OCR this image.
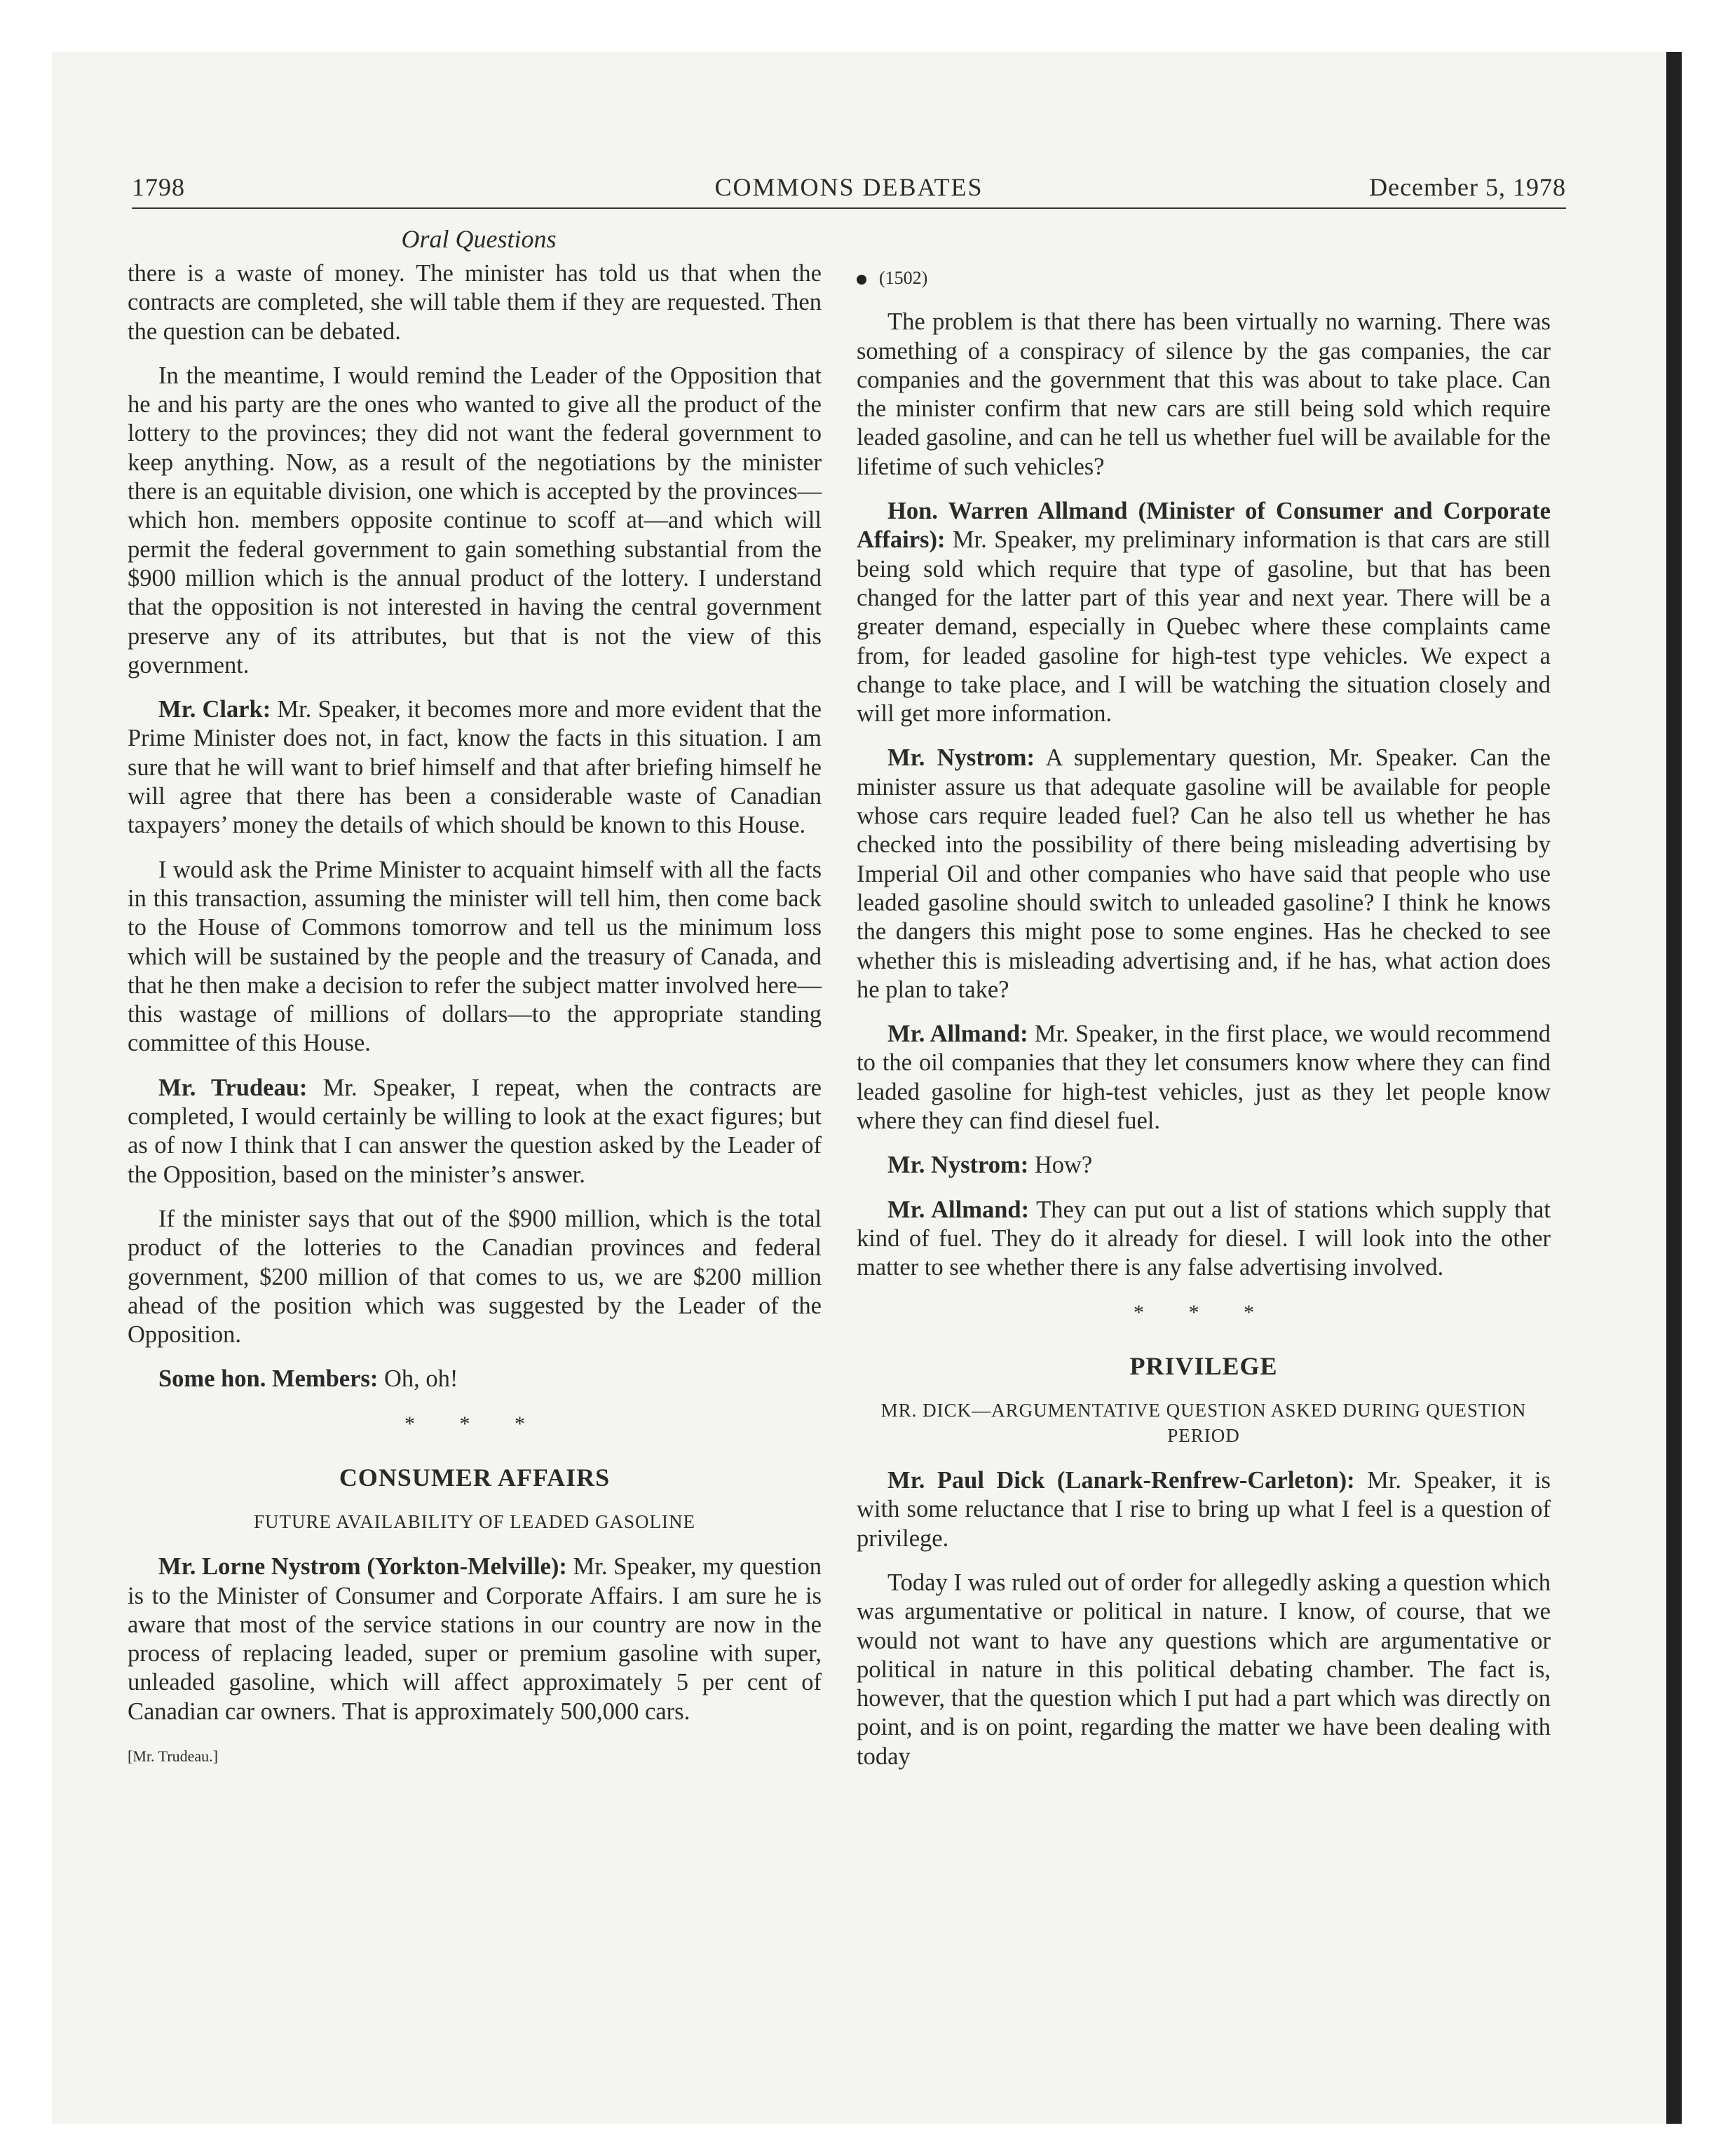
1798	COMMONS DEBATES	December 5, 1978
Oral Questions

there is a waste of money. The minister has told us that when the contracts are completed, she will table them if they are requested. Then the question can be debated.

In the meantime, I would remind the Leader of the Opposition that he and his party are the ones who wanted to give all the product of the lottery to the provinces; they did not want the federal government to keep anything. Now, as a result of the negotiations by the minister there is an equitable division, one which is accepted by the provinces—which hon. members opposite continue to scoff at—and which will permit the federal government to gain something substantial from the $900 million which is the annual product of the lottery. I understand that the opposition is not interested in having the central government preserve any of its attributes, but that is not the view of this government.

Mr. Clark: Mr. Speaker, it becomes more and more evident that the Prime Minister does not, in fact, know the facts in this situation. I am sure that he will want to brief himself and that after briefing himself he will agree that there has been a considerable waste of Canadian taxpayers’ money the details of which should be known to this House.

I would ask the Prime Minister to acquaint himself with all the facts in this transaction, assuming the minister will tell him, then come back to the House of Commons tomorrow and tell us the minimum loss which will be sustained by the people and the treasury of Canada, and that he then make a decision to refer the subject matter involved here—this wastage of millions of dollars—to the appropriate standing committee of this House.

Mr. Trudeau: Mr. Speaker, I repeat, when the contracts are completed, I would certainly be willing to look at the exact figures; but as of now I think that I can answer the question asked by the Leader of the Opposition, based on the minister’s answer.

If the minister says that out of the $900 million, which is the total product of the lotteries to the Canadian provinces and federal government, $200 million of that comes to us, we are $200 million ahead of the position which was suggested by the Leader of the Opposition.

Some hon. Members: Oh, oh!

* * *
CONSUMER AFFAIRS
FUTURE AVAILABILITY OF LEADED GASOLINE

Mr. Lorne Nystrom (Yorkton-Melville): Mr. Speaker, my question is to the Minister of Consumer and Corporate Affairs. I am sure he is aware that most of the service stations in our country are now in the process of replacing leaded, super or premium gasoline with super, unleaded gasoline, which will affect approximately 5 per cent of Canadian car owners. That is approximately 500,000 cars.

[Mr. Trudeau.]
(1502)

The problem is that there has been virtually no warning. There was something of a conspiracy of silence by the gas companies, the car companies and the government that this was about to take place. Can the minister confirm that new cars are still being sold which require leaded gasoline, and can he tell us whether fuel will be available for the lifetime of such vehicles?

Hon. Warren Allmand (Minister of Consumer and Corporate Affairs): Mr. Speaker, my preliminary information is that cars are still being sold which require that type of gasoline, but that has been changed for the latter part of this year and next year. There will be a greater demand, especially in Quebec where these complaints came from, for leaded gasoline for high-test type vehicles. We expect a change to take place, and I will be watching the situation closely and will get more information.

Mr. Nystrom: A supplementary question, Mr. Speaker. Can the minister assure us that adequate gasoline will be available for people whose cars require leaded fuel? Can he also tell us whether he has checked into the possibility of there being misleading advertising by Imperial Oil and other companies who have said that people who use leaded gasoline should switch to unleaded gasoline? I think he knows the dangers this might pose to some engines. Has he checked to see whether this is misleading advertising and, if he has, what action does he plan to take?

Mr. Allmand: Mr. Speaker, in the first place, we would recommend to the oil companies that they let consumers know where they can find leaded gasoline for high-test vehicles, just as they let people know where they can find diesel fuel.

Mr. Nystrom: How?

Mr. Allmand: They can put out a list of stations which supply that kind of fuel. They do it already for diesel. I will look into the other matter to see whether there is any false advertising involved.

* * *
PRIVILEGE
MR. DICK—ARGUMENTATIVE QUESTION ASKED DURING QUESTION PERIOD

Mr. Paul Dick (Lanark-Renfrew-Carleton): Mr. Speaker, it is with some reluctance that I rise to bring up what I feel is a question of privilege.

Today I was ruled out of order for allegedly asking a question which was argumentative or political in nature. I know, of course, that we would not want to have any questions which are argumentative or political in nature in this political debating chamber. The fact is, however, that the question which I put had a part which was directly on point, and is on point, regarding the matter we have been dealing with today
